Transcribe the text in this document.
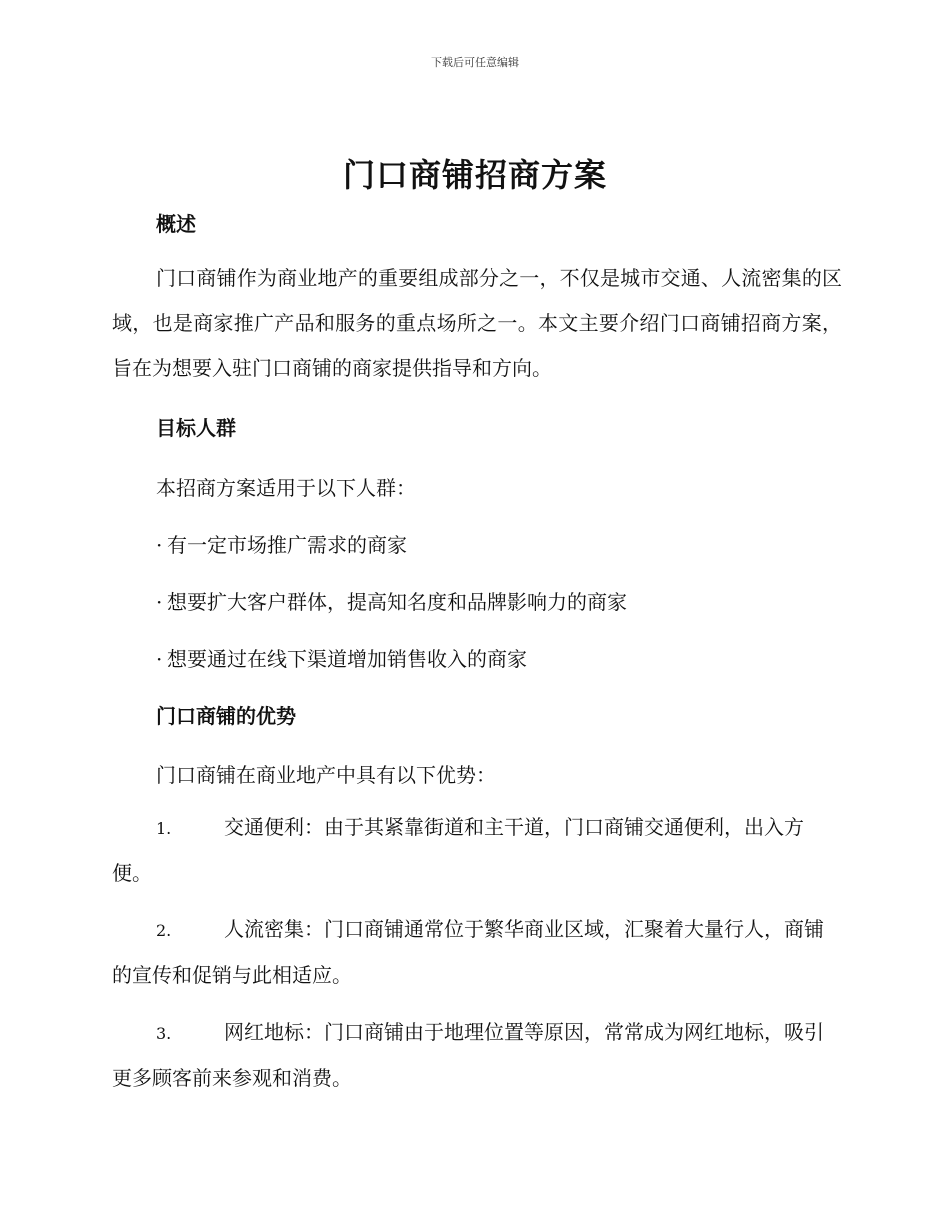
下载后可任意编辑
门口商铺招商方案
概述

门口商铺作为商业地产的重要组成部分之一，不仅是城市交通、人流密集的区域，也是商家推广产品和服务的重点场所之一。本文主要介绍门口商铺招商方案，旨在为想要入驻门口商铺的商家提供指导和方向。

目标人群

本招商方案适用于以下人群：

· 有一定市场推广需求的商家

· 想要扩大客户群体，提高知名度和品牌影响力的商家

· 想要通过在线下渠道增加销售收入的商家

门口商铺的优势

门口商铺在商业地产中具有以下优势：

1.	交通便利：由于其紧靠街道和主干道，门口商铺交通便利，出入方便。

2.	人流密集：门口商铺通常位于繁华商业区域，汇聚着大量行人，商铺的宣传和促销与此相适应。

3.	网红地标：门口商铺由于地理位置等原因，常常成为网红地标，吸引更多顾客前来参观和消费。
